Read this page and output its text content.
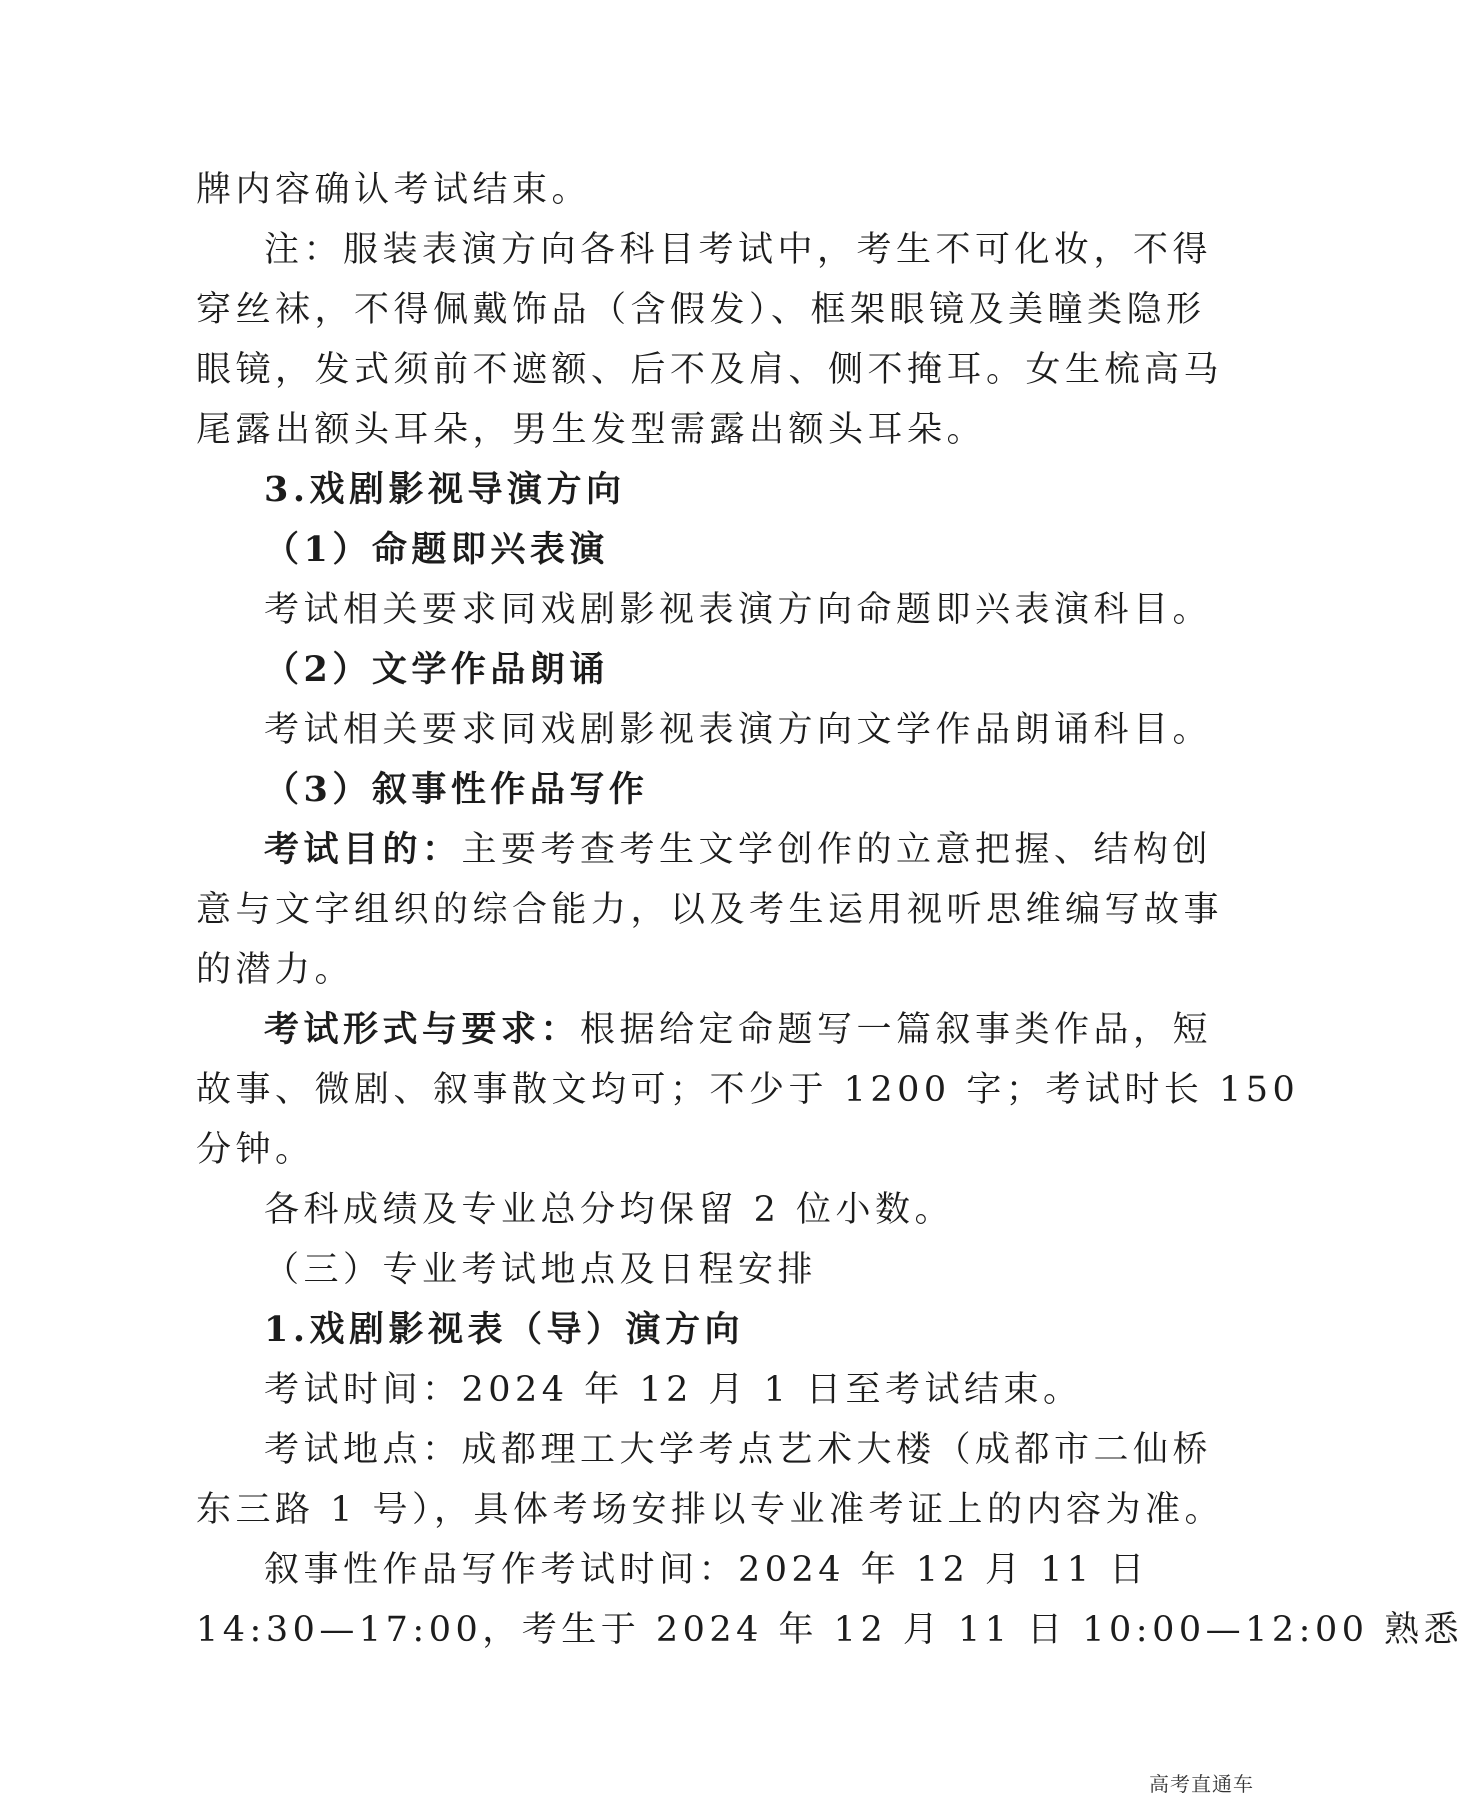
牌内容确认考试结束。
注：服装表演方向各科目考试中，考生不可化妆，不得
穿丝袜，不得佩戴饰品（含假发）、框架眼镜及美瞳类隐形
眼镜，发式须前不遮额、后不及肩、侧不掩耳。女生梳高马
尾露出额头耳朵，男生发型需露出额头耳朵。
3.戏剧影视导演方向
（1）命题即兴表演
考试相关要求同戏剧影视表演方向命题即兴表演科目。
（2）文学作品朗诵
考试相关要求同戏剧影视表演方向文学作品朗诵科目。
（3）叙事性作品写作
考试目的：主要考查考生文学创作的立意把握、结构创
意与文字组织的综合能力，以及考生运用视听思维编写故事
的潜力。
考试形式与要求：根据给定命题写一篇叙事类作品，短
故事、微剧、叙事散文均可；不少于 1200 字；考试时长 150
分钟。
各科成绩及专业总分均保留 2 位小数。
（三）专业考试地点及日程安排
1.戏剧影视表（导）演方向
考试时间：2024 年 12 月 1 日至考试结束。
考试地点：成都理工大学考点艺术大楼（成都市二仙桥
东三路 1 号），具体考场安排以专业准考证上的内容为准。
叙事性作品写作考试时间：2024 年 12 月 11 日
14:30—17:00，考生于 2024 年 12 月 11 日 10:00—12:00 熟悉
高考直通车
